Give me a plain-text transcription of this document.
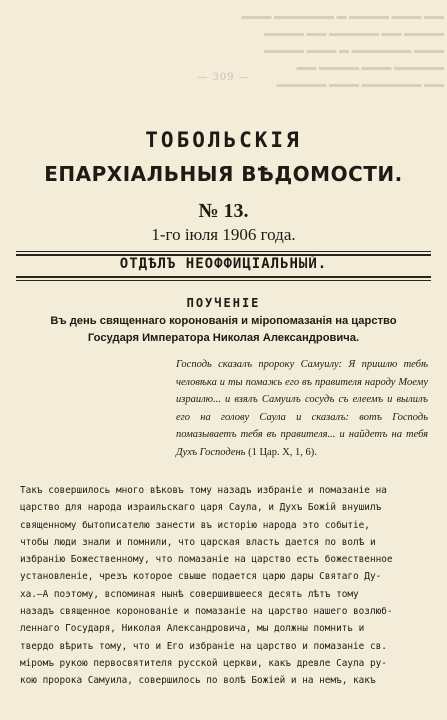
▬▬ ▬▬▬ ▬▬▬▬ ▬ ▬▬▬▬▬▬ ▬▬▬
▬▬▬▬ ▬▬ ▬▬▬▬▬ ▬▬ ▬▬▬▬
▬▬▬ ▬▬▬▬▬▬ ▬ ▬▬▬ ▬▬▬▬
▬▬▬▬▬ ▬▬▬ ▬▬▬▬ ▬▬
▬▬ ▬▬▬▬▬▬ ▬▬▬ ▬▬▬▬▬
— 309 —
ТОБОЛЬСКІЯ
ЕПАРХІАЛЬНЫЯ ВѢДОМОСТИ.
№ 13.
1-го іюля 1906 года.
ОТДѢЛЪ НЕОФФИЦІАЛЬНЫЙ.
ПОУЧЕНІЕ
Въ день священнаго коронованія и міропомазанія на царство
Государя Императора Николая Александровича.
Господь сказалъ пророку Самуилу: Я пришлю тебѣ человѣка и ты помажь его въ правителя народу Моему израилю... и взялъ Самуилъ сосудъ съ елеемъ и вылилъ его на голову Саула и сказалъ: вотъ Господь помазываетъ тебя въ правителя... и найдетъ на тебя Духъ Господень (1 Цар. X, 1, 6).
Такъ совершилось много вѣковъ тому назадъ избраніе и помазаніе на
царство для народа израильскаго царя Саула, и Духъ Божій внушилъ
священному бытописателю занести въ исторію народа это событіе,
чтобы люди знали и помнили, что царская власть дается по волѣ и
избранію Божественному, что помазаніе на царство есть божественное
установленіе, чрезъ которое свыше подается царю дары Святаго Ду-
ха.—А поэтому, вспоминая нынѣ совершившееся десять лѣтъ тому
назадъ священное коронованіе и помазаніе на царство нашего возлюб-
леннаго Государя, Николая Александровича, мы должны помнить и
твердо вѣрить тому, что и Его избраніе на царство и помазаніе св.
мiромъ рукою первосвятителя русской церкви, какъ древле Саула ру-
кою пророка Самуила, совершилось по волѣ Божіей и на немъ, какъ
